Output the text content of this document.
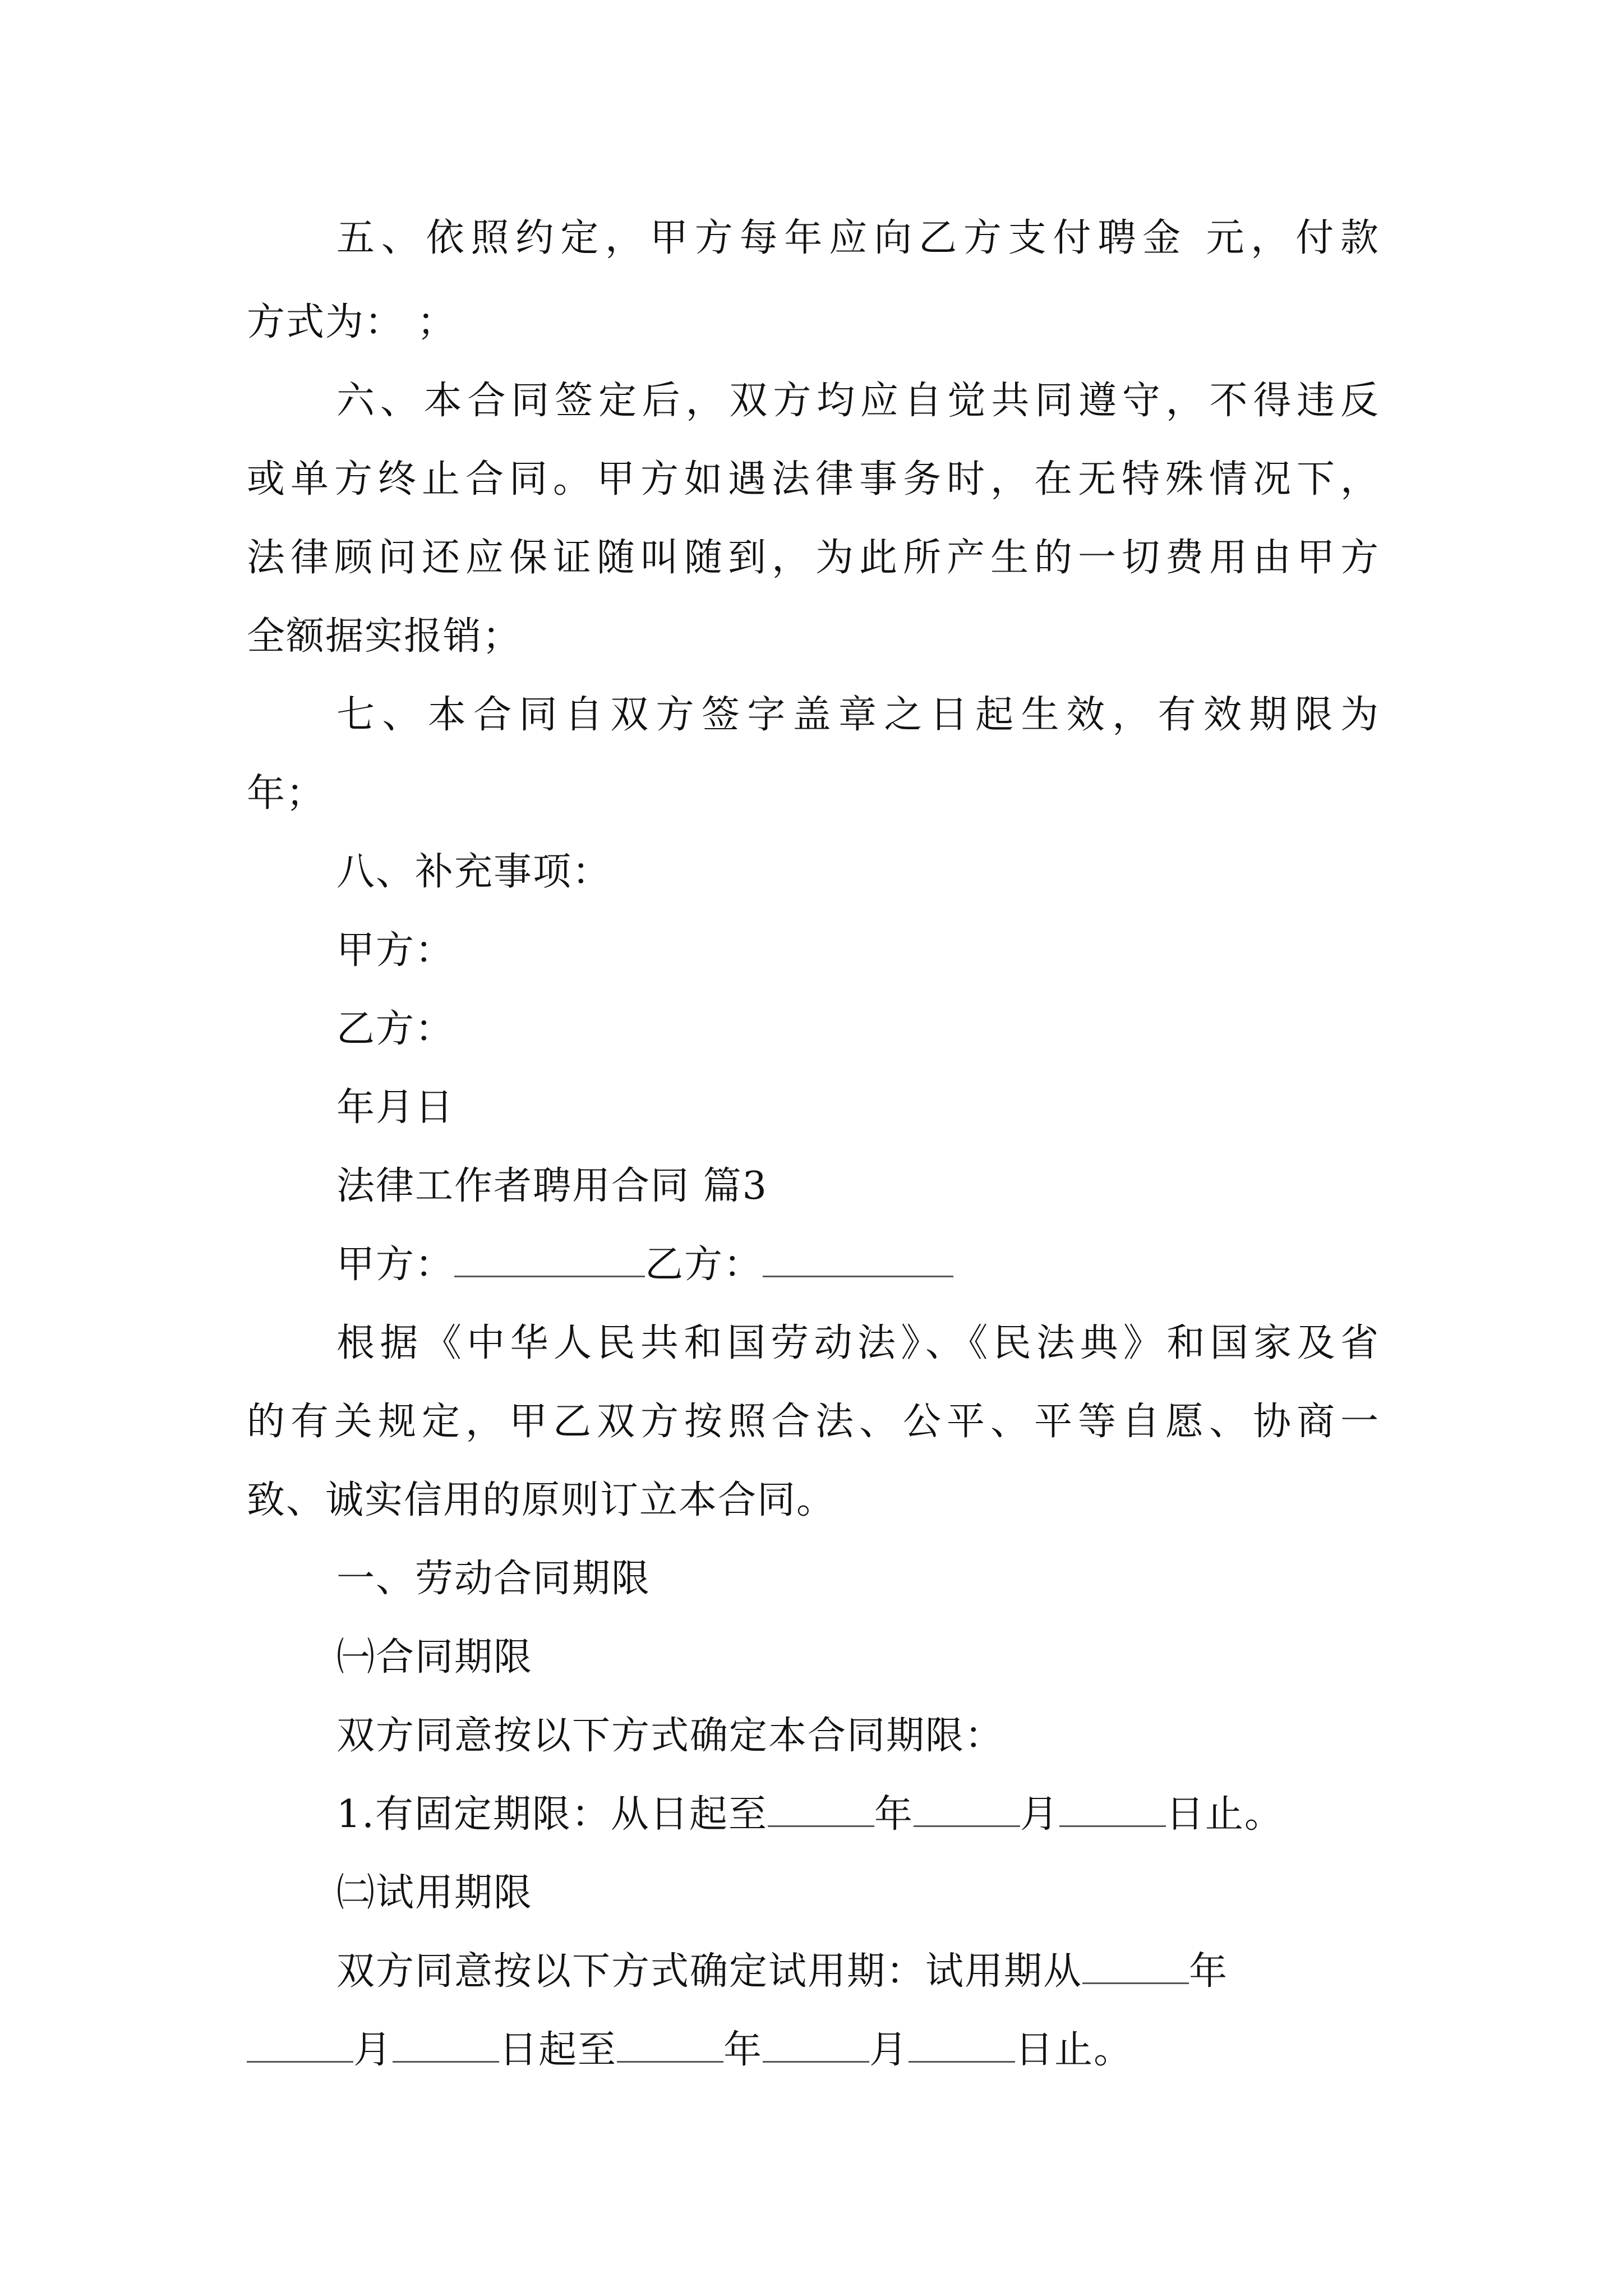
五、依照约定，甲方每年应向乙方支付聘金 元，付款
方式为： ；
六、本合同签定后，双方均应自觉共同遵守，不得违反
或单方终止合同。甲方如遇法律事务时，在无特殊情况下，
法律顾问还应保证随叫随到，为此所产生的一切费用由甲方
全额据实报销；
七、本合同自双方签字盖章之日起生效，有效期限为
年；
八、补充事项：
甲方：
乙方：
年月日
法律工作者聘用合同 篇3
甲方：	乙方：
根据《中华人民共和国劳动法》、《民法典》和国家及省
的有关规定，甲乙双方按照合法、公平、平等自愿、协商一
致、诚实信用的原则订立本合同。
一、劳动合同期限
㈠合同期限
双方同意按以下方式确定本合同期限：
1.有固定期限：从日起至	年	月	日止。
㈡试用期限
双方同意按以下方式确定试用期：试用期从	年
月	日起至	年	月	日止。
